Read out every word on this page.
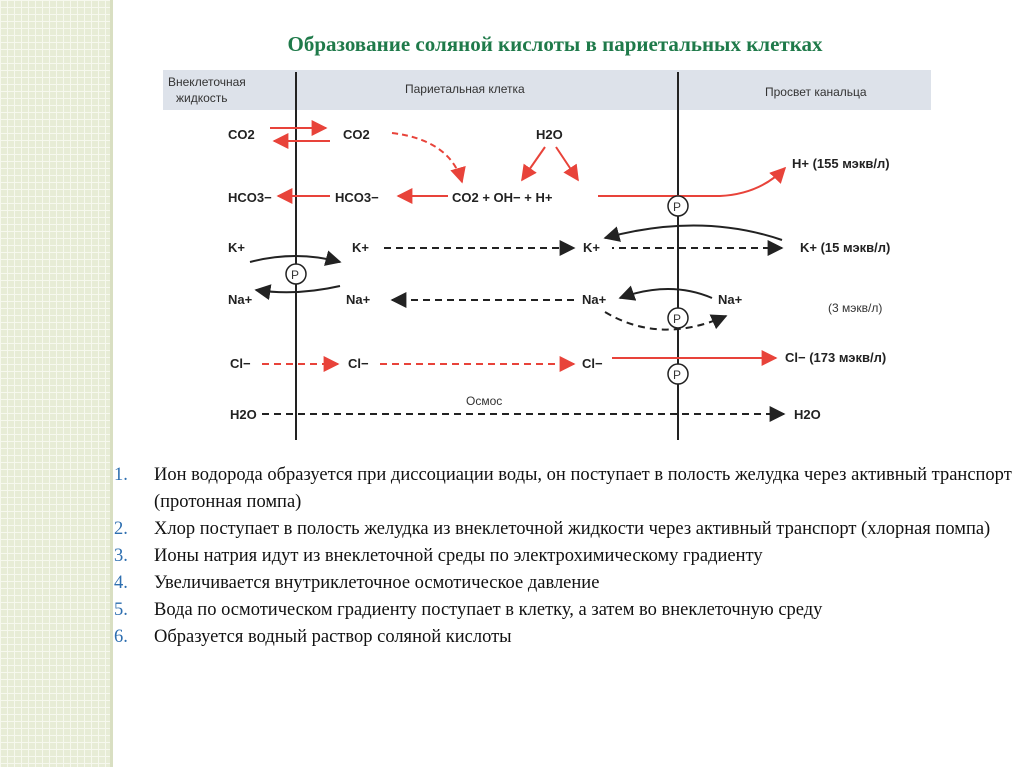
Образование соляной кислоты в париетальных клетках
Внеклеточная
жидкость
Париетальная клетка	Просвет канальца
CO2	CO2	H2O
HCO3−	HCO3−	CO2 + OH− + H+
H+ (155 мэкв/л)
P
K+	K+	K+	K+ (15 мэкв/л)
P
Na+	Na+	Na+	Na+
(3 мэкв/л)
P
Cl−	Cl−	Cl−	Cl− (173 мэкв/л)
P
Осмос
H2O	H2O
1.	Ион водорода образуется при диссоциации воды, он поступает в полость желудка через активный транспорт (протонная помпа)
2.	Хлор поступает в полость желудка из внеклеточной жидкости через активный транспорт (хлорная помпа)
3.	Ионы натрия идут из внеклеточной среды по электрохимическому градиенту
4.	Увеличивается внутриклеточное осмотическое давление
5.	Вода по осмотическом градиенту поступает в клетку, а затем во внеклеточную среду
6.	Образуется водный раствор соляной кислоты
